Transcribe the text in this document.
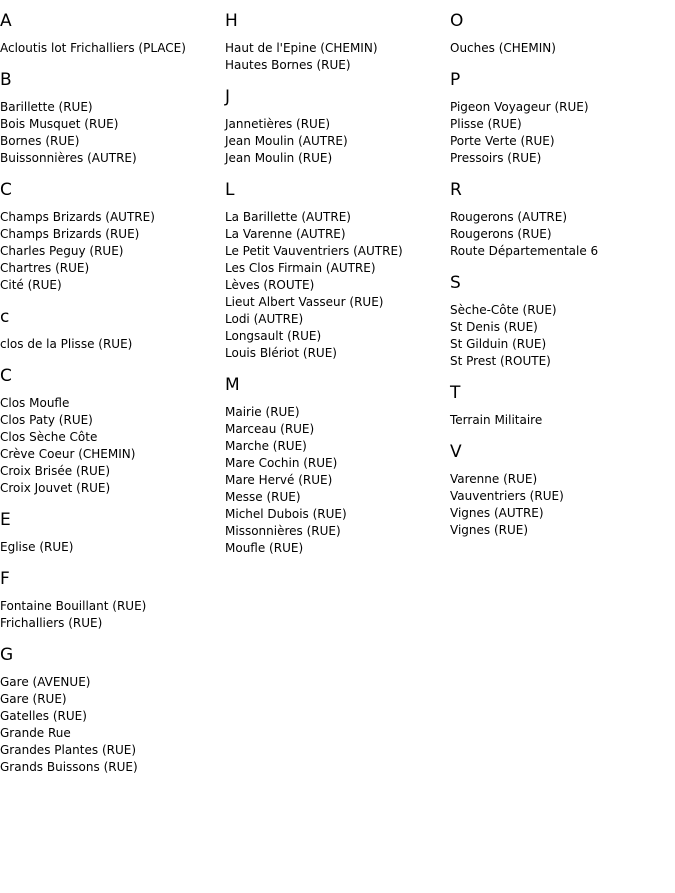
A
Acloutis lot Frichalliers (PLACE)
B
Barillette (RUE)
Bois Musquet (RUE)
Bornes (RUE)
Buissonnières (AUTRE)
C
Champs Brizards (AUTRE)
Champs Brizards (RUE)
Charles Peguy (RUE)
Chartres (RUE)
Cité (RUE)
c
clos de la Plisse (RUE)
C
Clos Moufle
Clos Paty (RUE)
Clos Sèche Côte
Crève Coeur (CHEMIN)
Croix Brisée (RUE)
Croix Jouvet (RUE)
E
Eglise (RUE)
F
Fontaine Bouillant (RUE)
Frichalliers (RUE)
G
Gare (AVENUE)
Gare (RUE)
Gatelles (RUE)
Grande Rue
Grandes Plantes (RUE)
Grands Buissons (RUE)
H
Haut de l'Epine (CHEMIN)
Hautes Bornes (RUE)
J
Jannetières (RUE)
Jean Moulin (AUTRE)
Jean Moulin (RUE)
L
La Barillette (AUTRE)
La Varenne (AUTRE)
Le Petit Vauventriers (AUTRE)
Les Clos Firmain (AUTRE)
Lèves (ROUTE)
Lieut Albert Vasseur (RUE)
Lodi (AUTRE)
Longsault (RUE)
Louis Blériot (RUE)
M
Mairie (RUE)
Marceau (RUE)
Marche (RUE)
Mare Cochin (RUE)
Mare Hervé (RUE)
Messe (RUE)
Michel Dubois (RUE)
Missonnières (RUE)
Moufle (RUE)
O
Ouches (CHEMIN)
P
Pigeon Voyageur (RUE)
Plisse (RUE)
Porte Verte (RUE)
Pressoirs (RUE)
R
Rougerons (AUTRE)
Rougerons (RUE)
Route Départementale 6
S
Sèche-Côte (RUE)
St Denis (RUE)
St Gilduin (RUE)
St Prest (ROUTE)
T
Terrain Militaire
V
Varenne (RUE)
Vauventriers (RUE)
Vignes (AUTRE)
Vignes (RUE)
